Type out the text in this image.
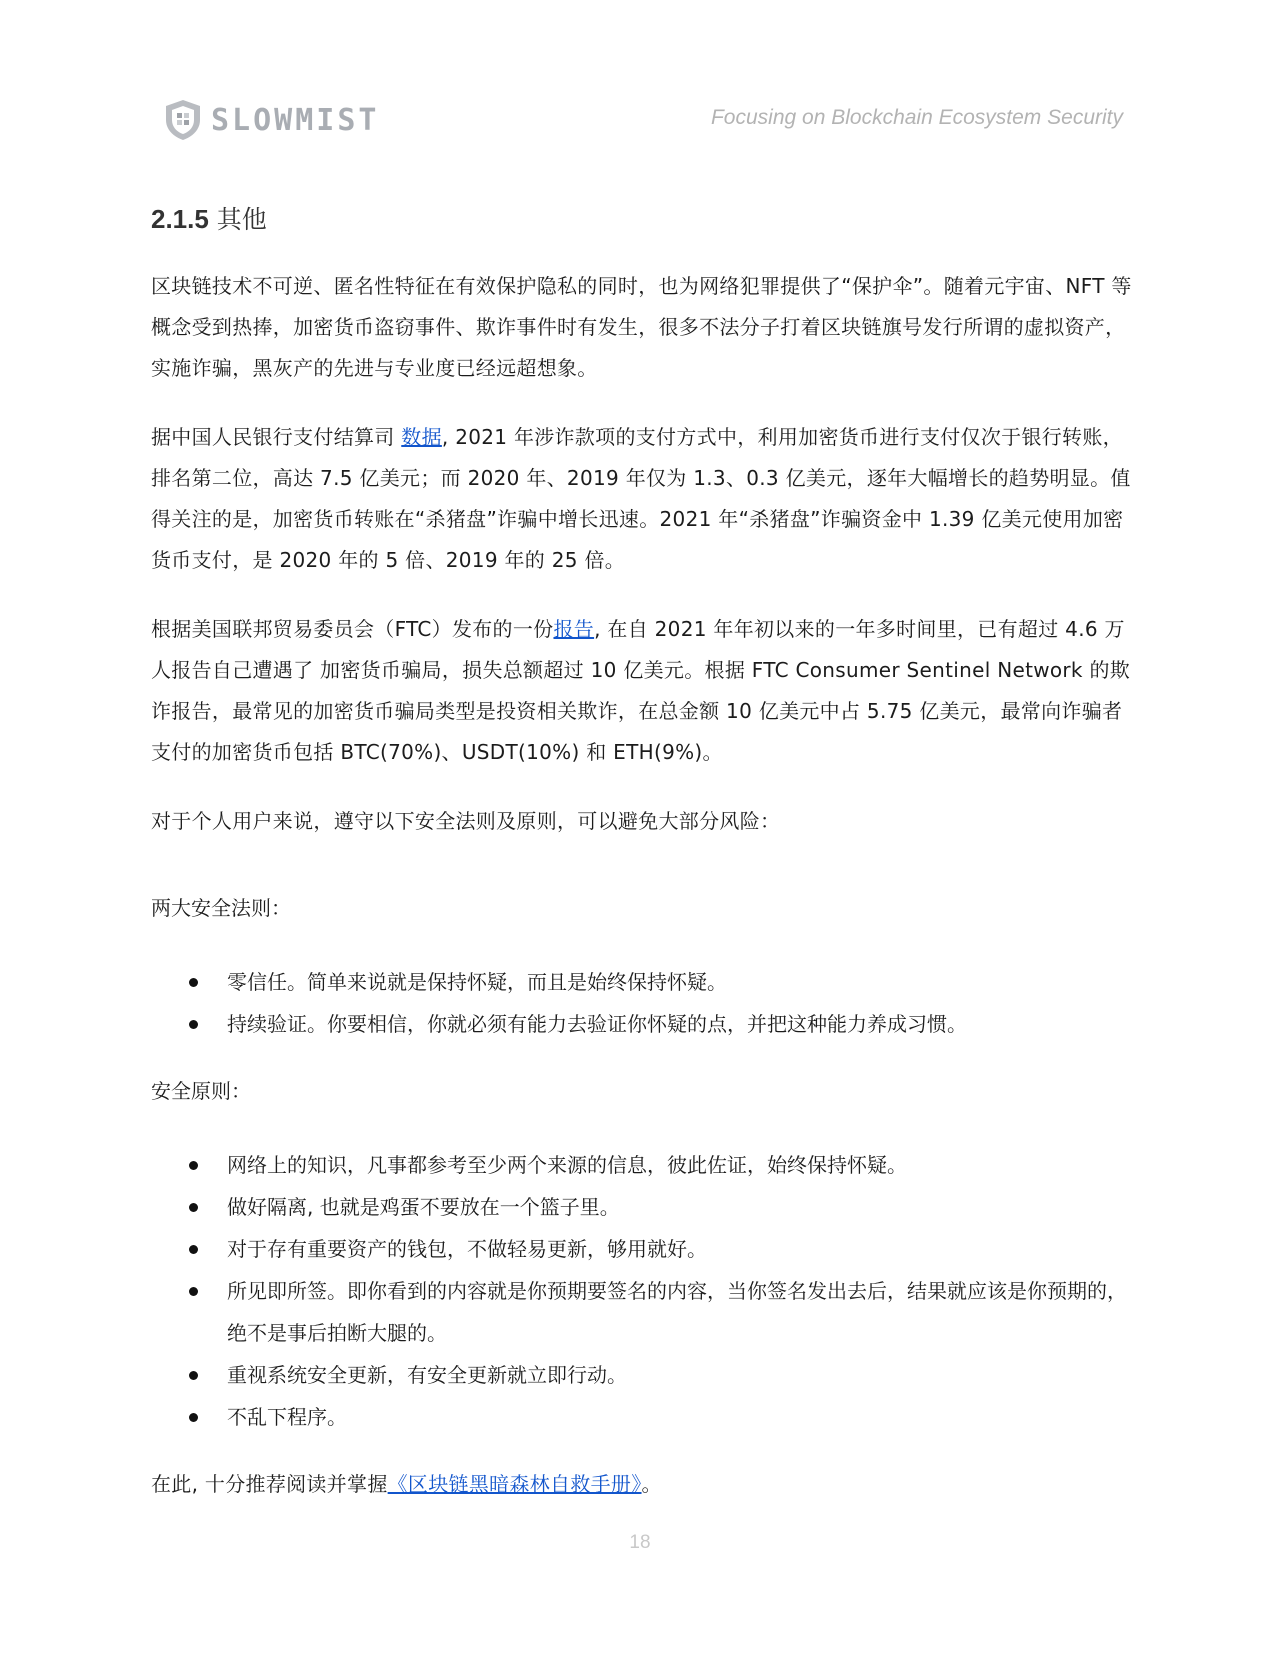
SLOWMIST	Focusing on Blockchain Ecosystem Security
2.1.5 其他

区块链技术不可逆、匿名性特征在有效保护隐私的同时，也为网络犯罪提供了“保护伞”。随着元宇宙、NFT 等概念受到热捧，加密货币盗窃事件、欺诈事件时有发生，很多不法分子打着区块链旗号发行所谓的虚拟资产，实施诈骗，黑灰产的先进与专业度已经远超想象。

据中国人民银行支付结算司 数据, 2021 年涉诈款项的支付方式中，利用加密货币进行支付仅次于银行转账，排名第二位，高达 7.5 亿美元；而 2020 年、2019 年仅为 1.3、0.3 亿美元，逐年大幅增长的趋势明显。值得关注的是，加密货币转账在“杀猪盘”诈骗中增长迅速。2021 年“杀猪盘”诈骗资金中 1.39 亿美元使用加密货币支付，是 2020 年的 5 倍、2019 年的 25 倍。

根据美国联邦贸易委员会（FTC）发布的一份报告, 在自 2021 年年初以来的一年多时间里，已有超过 4.6 万人报告自己遭遇了 加密货币骗局，损失总额超过 10 亿美元。根据 FTC Consumer Sentinel Network 的欺诈报告，最常见的加密货币骗局类型是投资相关欺诈，在总金额 10 亿美元中占 5.75 亿美元，最常向诈骗者支付的加密货币包括 BTC(70%)、USDT(10%) 和 ETH(9%)。

对于个人用户来说，遵守以下安全法则及原则，可以避免大部分风险：

两大安全法则：

零信任。简单来说就是保持怀疑，而且是始终保持怀疑。
持续验证。你要相信，你就必须有能力去验证你怀疑的点，并把这种能力养成习惯。

安全原则：

网络上的知识，凡事都参考至少两个来源的信息，彼此佐证，始终保持怀疑。
做好隔离, 也就是鸡蛋不要放在一个篮子里。
对于存有重要资产的钱包，不做轻易更新，够用就好。
所见即所签。即你看到的内容就是你预期要签名的内容，当你签名发出去后，结果就应该是你预期的，绝不是事后拍断大腿的。
重视系统安全更新，有安全更新就立即行动。
不乱下程序。

在此, 十分推荐阅读并掌握《区块链黑暗森林自救手册》。

18
